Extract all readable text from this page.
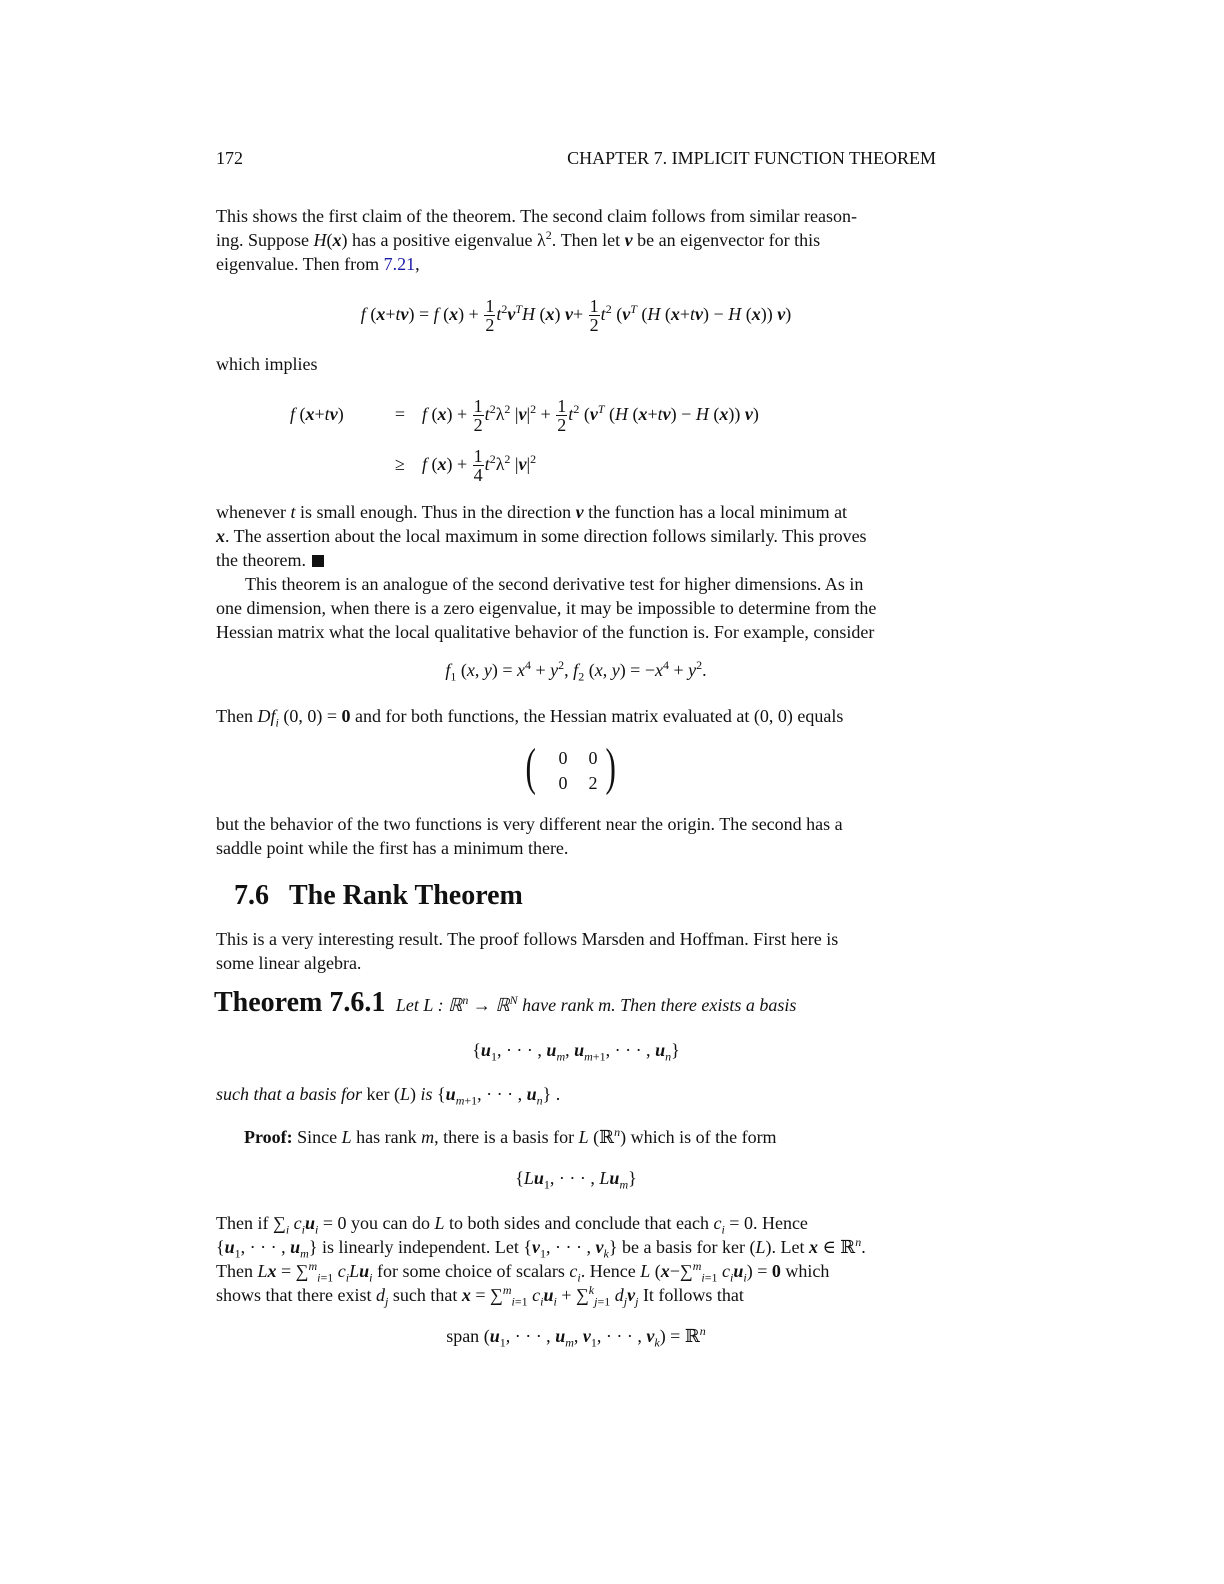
172	CHAPTER 7. IMPLICIT FUNCTION THEOREM
This shows the first claim of the theorem. The second claim follows from similar reason-
ing. Suppose H(x) has a positive eigenvalue $\lambda^2$. Then let v be an eigenvector for this
eigenvalue. Then from 7.21,
f (x+tv) = f $(x) + \frac{1}{2} t^2v^TH$ (x) $v+ \frac{1}{2} t^2$ ($v^T$ (H (x+tv) − H (x)) v)
which implies
f (x+tv)	= f $(x) + \frac{1}{2} t^2\lambda^2$ $|v|^2 + \frac{1}{2} t^2$ ($v^T$ (H (x+tv) − H (x)) v)
≥ f $(x) + \frac{1}{4} t^2\lambda^2$ $|v|^2$
whenever t is small enough. Thus in the direction v the function has a local minimum at
x. The assertion about the local maximum in some direction follows similarly. This proves
the theorem.
This theorem is an analogue of the second derivative test for higher dimensions. As in
one dimension, when there is a zero eigenvalue, it may be impossible to determine from the
Hessian matrix what the local qualitative behavior of the function is. For example, consider
$f_1$ (x, $y) = x^4 + y^2$, $f_2$ (x, $y) = -x^4 + y^2$.
Then $Df_i$ (0, 0) = 0 and for both functions, the Hessian matrix evaluated at (0, 0) equals
(	0	0
0	2 )
but the behavior of the two functions is very different near the origin. The second has a
saddle point while the first has a minimum there.
7.6 The Rank Theorem
This is a very interesting result. The proof follows Marsden and Hoffman. First here is
some linear algebra.
Theorem 7.6.1 Let L : ℝ$^n$ → ℝ$^N$ have rank m. Then there exists a basis
{$u_1$, · · · , $u_m$, $u_{m+1}$, · · · , $u_n$}
such that a basis for ker (L) is {$u_{m+1}$, · · · , $u_n$} .
Proof: Since L has rank m, there is a basis for L (ℝ$^n$) which is of the form
{$Lu_1$, · · · , $Lu_m$}
Then if $\sum_i$ $c_iu_i = 0$ you can do L to both sides and conclude that each $c_i = 0$. Hence
{$u_1$, · · · , $u_m$} is linearly independent. Let {$v_1$, · · · , $v_k$} be a basis for ker (L). Let x ∈ ℝ$^n$.
Then Lx = ∑$^m_{i=1}$ $c_iLu_i$ for some choice of scalars $c_i$. Hence L (x−∑$^m_{i=1}$ $c_iu_i) = 0$ which
shows that there exist $d_j$ such that x = ∑$^m_{i=1}$ $c_iu_i + \sum^k_{j=1}$ $d_jv_j$ It follows that
span ($u_1$, · · · , $u_m$, $v_1$, · · · , $v_k$) = ℝ$^n$
